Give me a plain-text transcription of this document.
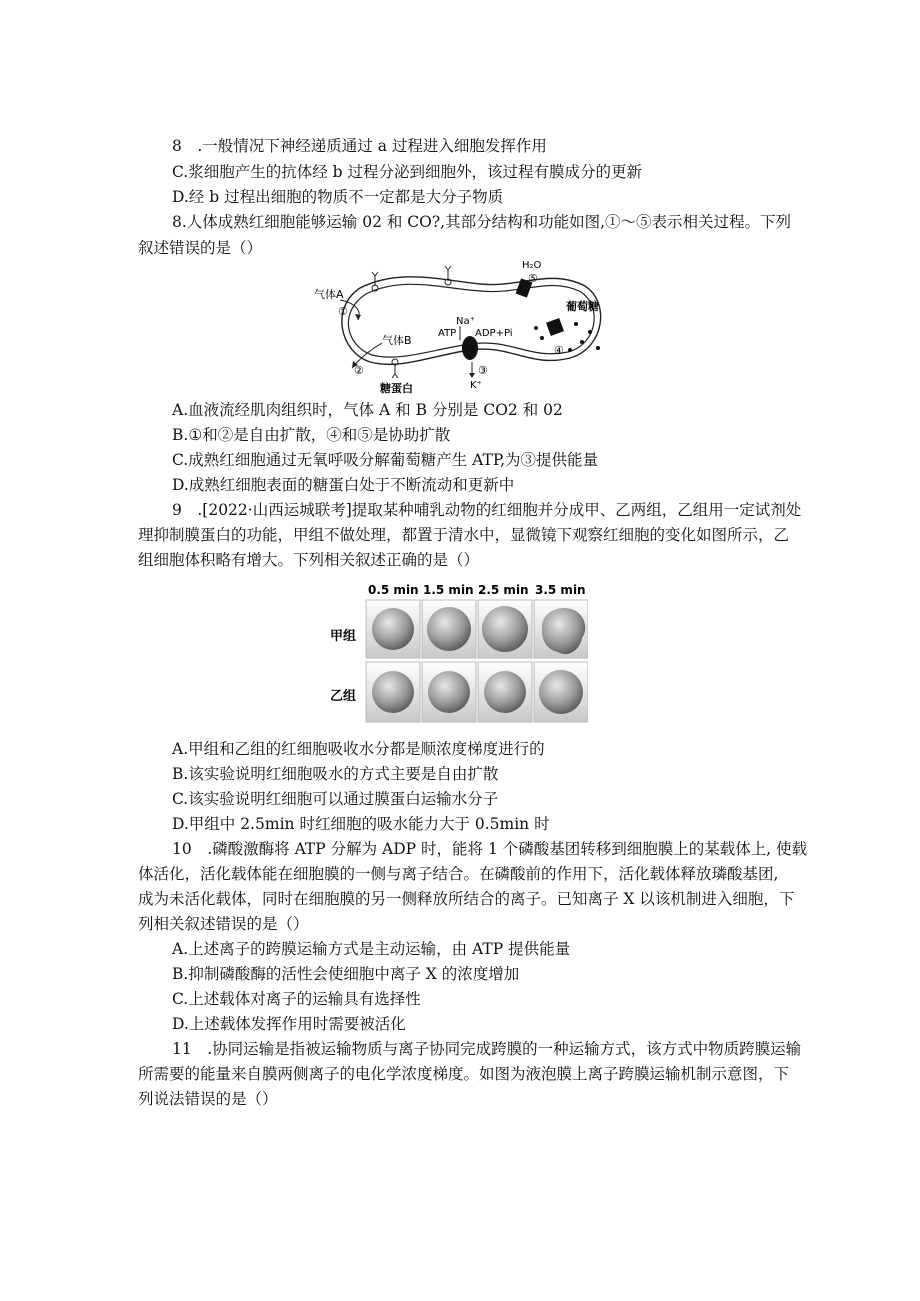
8　.一般情况下神经递质通过 a 过程进入细胞发挥作用
C.浆细胞产生的抗体经 b 过程分泌到细胞外，该过程有膜成分的更新
D.经 b 过程出细胞的物质不一定都是大分子物质
8.人体成熟红细胞能够运输 02 和 CO?,其部分结构和功能如图,①～⑤表示相关过程。下列
叙述错误的是（）
气体A
①
气体B
②
糖蛋白
H₂O
⑤
葡萄糖
④
Na⁺
ATP ADP+Pi
K⁺
③
A.血液流经肌肉组织时，气体 A 和 B 分别是 CO2 和 02
B.①和②是自由扩散，④和⑤是协助扩散
C.成熟红细胞通过无氧呼吸分解葡萄糖产生 ATP,为③提供能量
D.成熟红细胞表面的糖蛋白处于不断流动和更新中
9　.[2022·山西运城联考]提取某种哺乳动物的红细胞并分成甲、乙两组，乙组用一定试剂处
理抑制膜蛋白的功能，甲组不做处理，都置于清水中，显微镜下观察红细胞的变化如图所示，乙
组细胞体积略有增大。下列相关叙述正确的是（）
0.5 min 1.5 min 2.5 min 3.5 min
甲组
乙组
A.甲组和乙组的红细胞吸收水分都是顺浓度梯度进行的
B.该实验说明红细胞吸水的方式主要是自由扩散
C.该实验说明红细胞可以通过膜蛋白运输水分子
D.甲组中 2.5min 时红细胞的吸水能力大于 0.5min 时
10　.磷酸激酶将 ATP 分解为 ADP 时，能将 1 个磷酸基团转移到细胞膜上的某载体上, 使载
体活化，活化载体能在细胞膜的一侧与离子结合。在磷酸前的作用下，活化载体释放璘酸基团,
成为未活化载体，同时在细胞膜的另一侧释放所结合的离子。已知离子 X 以该机制进入细胞，下
列相关叙述错误的是（）
A.上述离子的跨膜运输方式是主动运输，由 ATP 提供能量
B.抑制磷酸酶的活性会使细胞中离子 X 的浓度增加
C.上述载体对离子的运输具有选择性
D.上述载体发挥作用时需要被活化
11　.协同运输是指被运输物质与离子协同完成跨膜的一种运输方式，该方式中物质跨膜运输
所需要的能量来自膜两侧离子的电化学浓度梯度。如图为液泡膜上离子跨膜运输机制示意图，下
列说法错误的是（）
